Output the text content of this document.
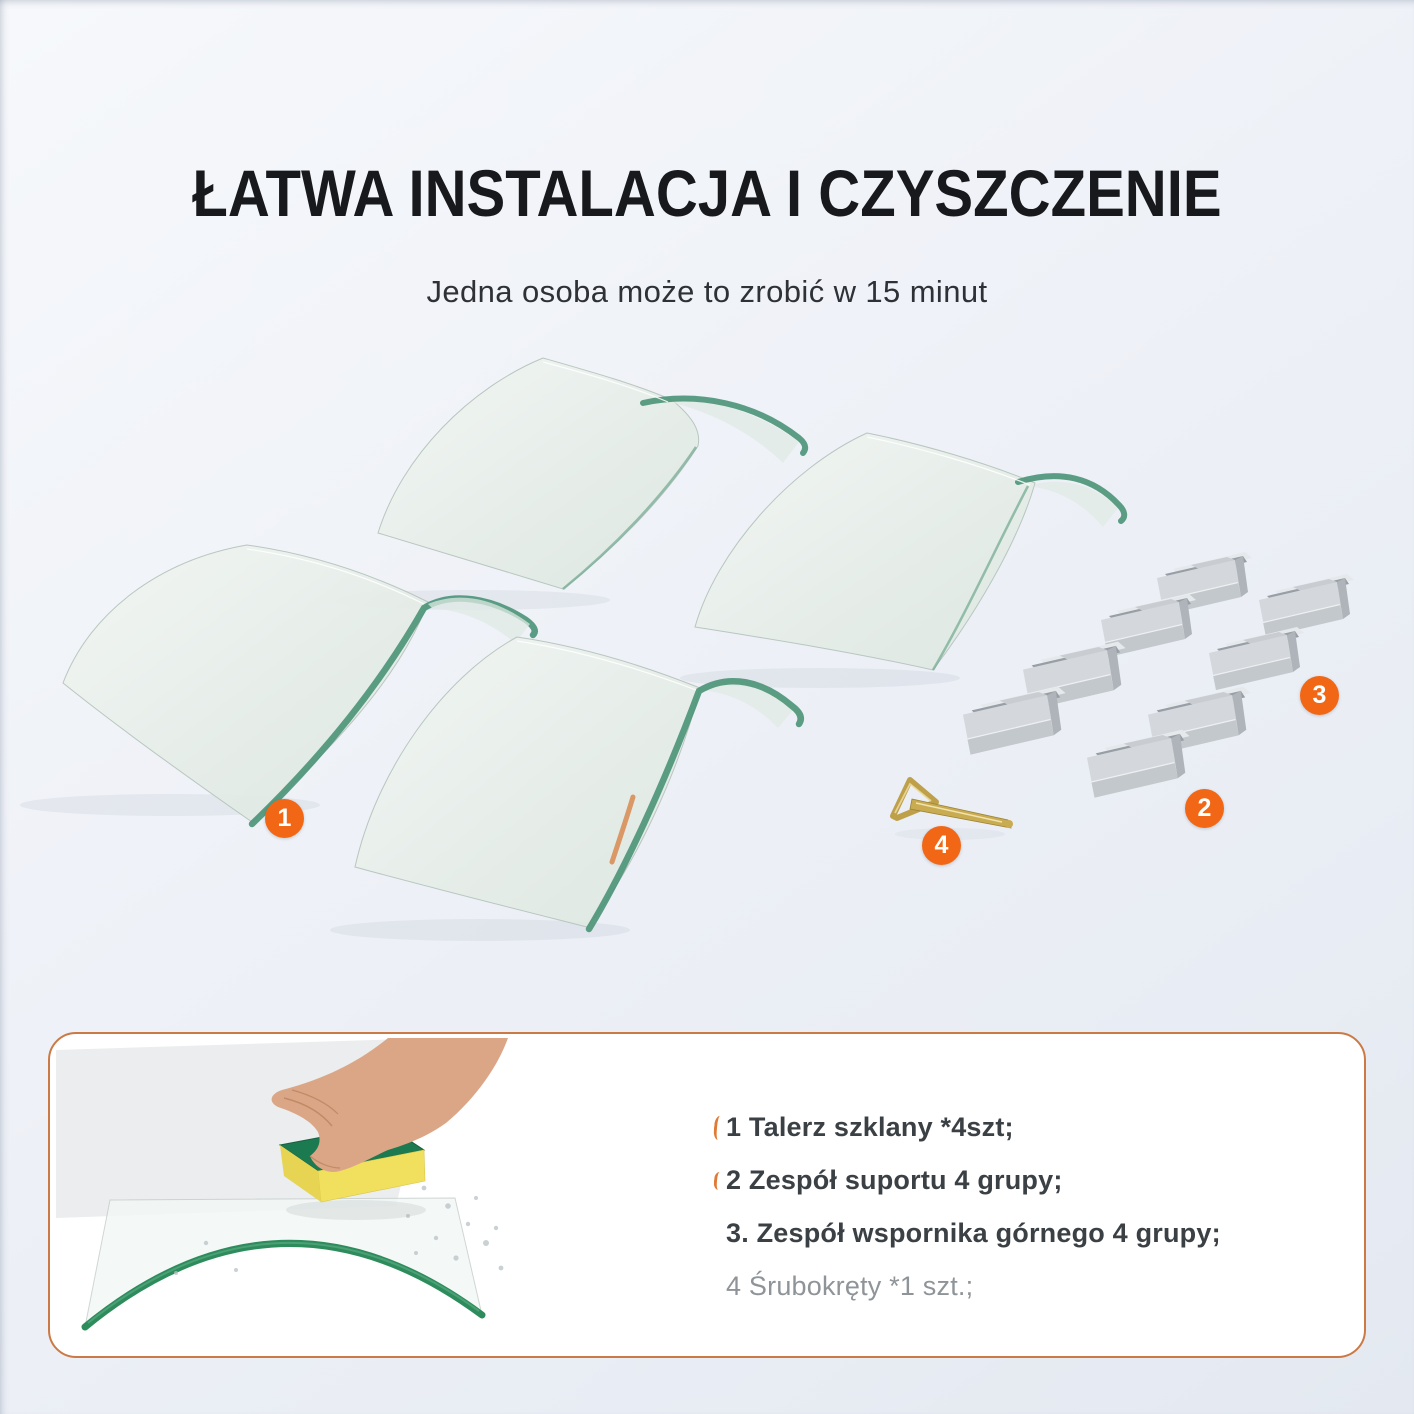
ŁATWA INSTALACJA I CZYSZCZENIE

Jedna osoba może to zrobić w 15 minut

1	2
3
4
1 Talerz szklany *4szt;
2 Zespół suportu 4 grupy;
3. Zespół wspornika górnego 4 grupy;
4 Śrubokręty *1 szt.;
